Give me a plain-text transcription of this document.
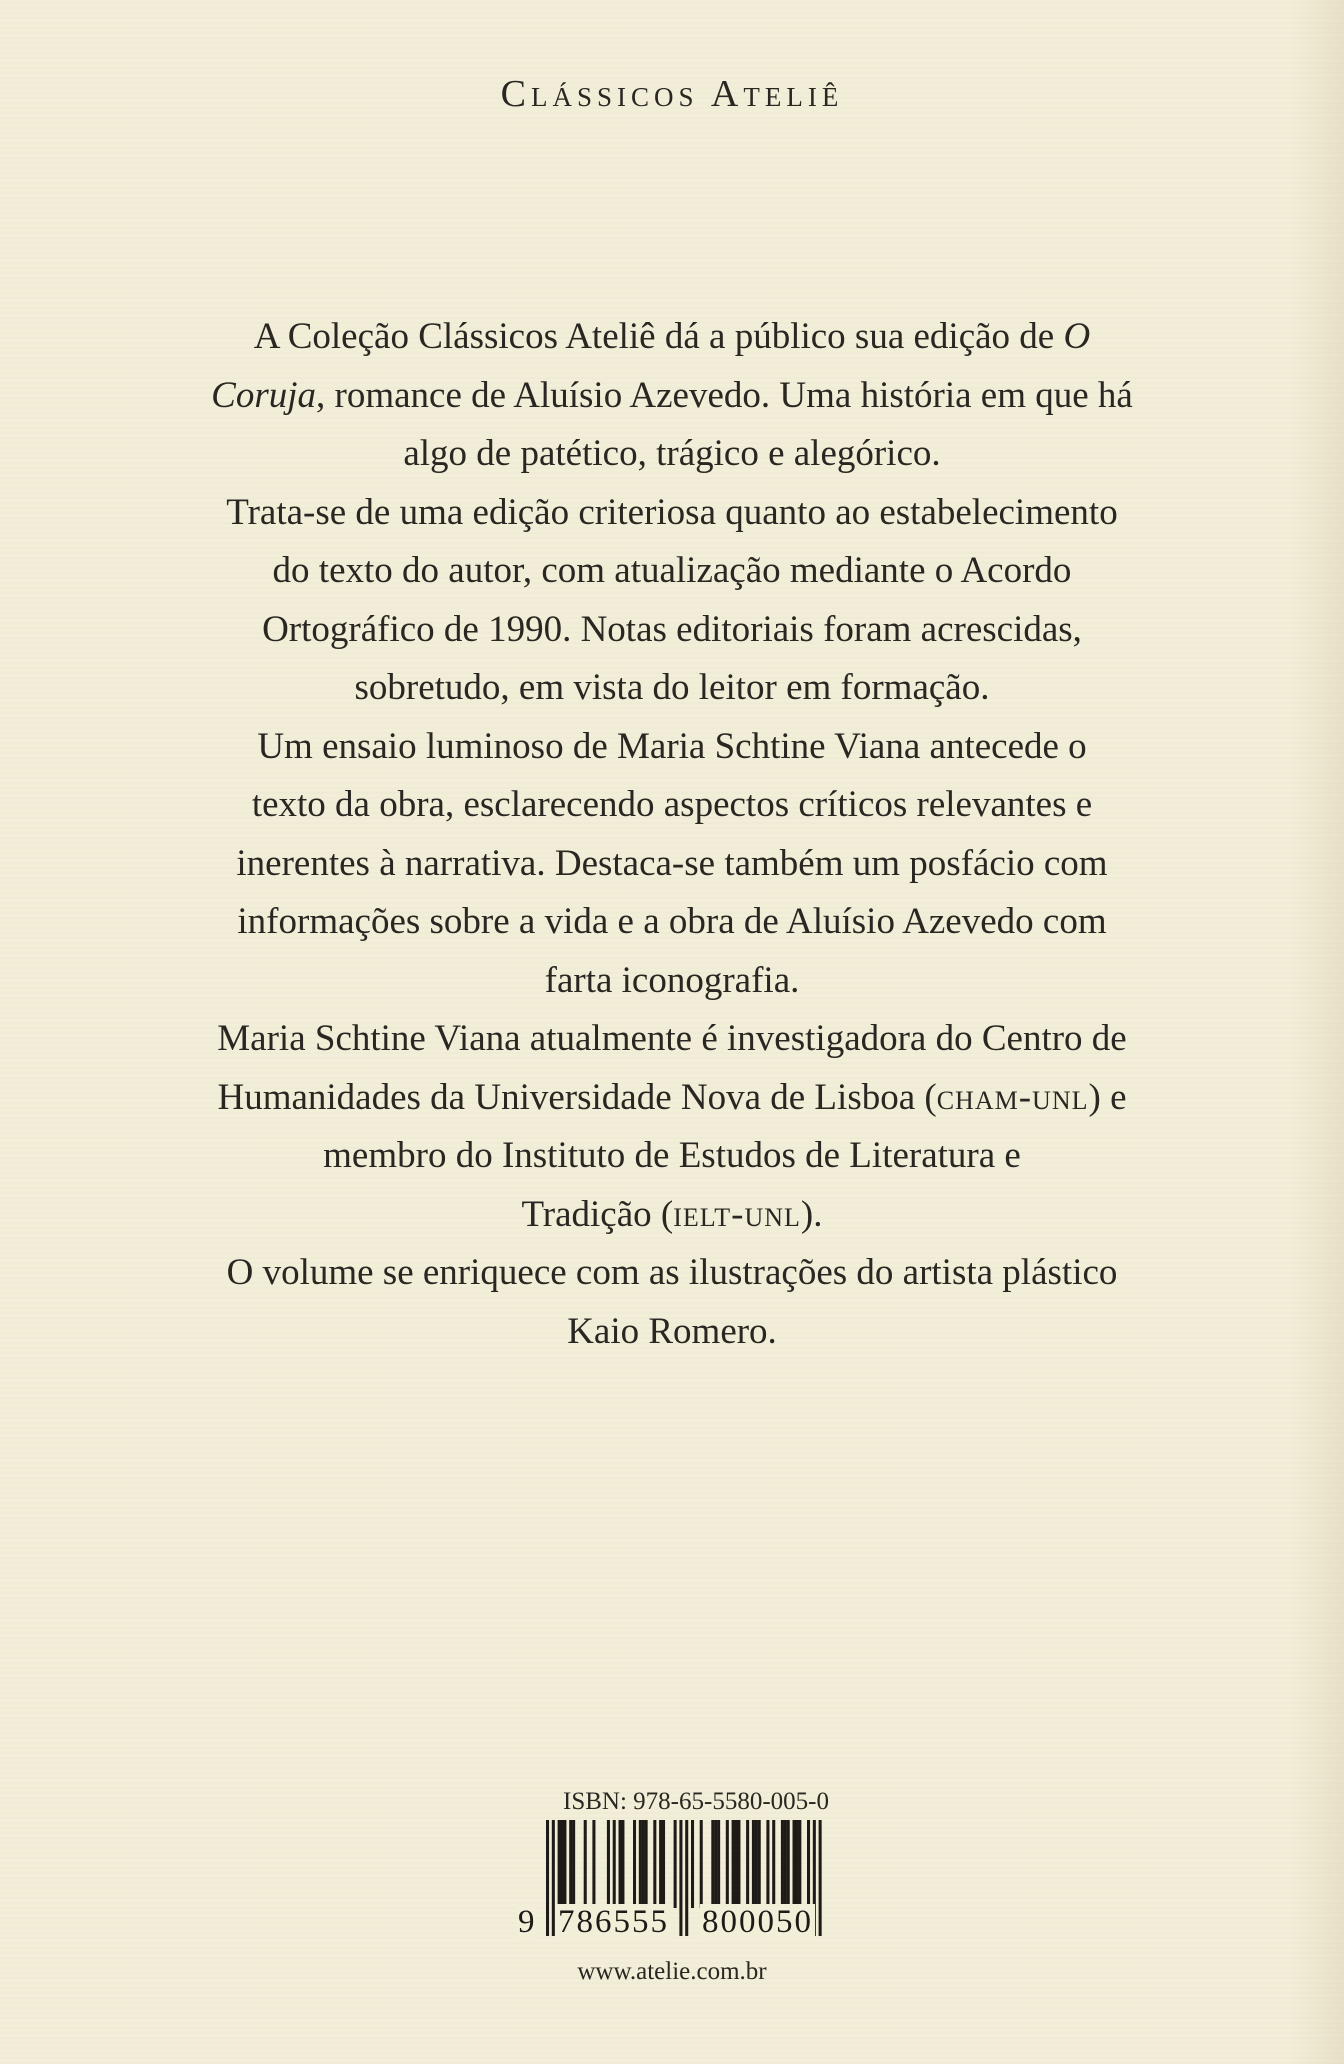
Clássicos Ateliê

A Coleção Clássicos Ateliê dá a público sua edição de O
Coruja, romance de Aluísio Azevedo. Uma história em que há
algo de patético, trágico e alegórico.

Trata-se de uma edição criteriosa quanto ao estabelecimento
do texto do autor, com atualização mediante o Acordo
Ortográfico de 1990. Notas editoriais foram acrescidas,
sobretudo, em vista do leitor em formação.

Um ensaio luminoso de Maria Schtine Viana antecede o
texto da obra, esclarecendo aspectos críticos relevantes e
inerentes à narrativa. Destaca-se também um posfácio com
informações sobre a vida e a obra de Aluísio Azevedo com
farta iconografia.

Maria Schtine Viana atualmente é investigadora do Centro de
Humanidades da Universidade Nova de Lisboa (cham-unl) e
membro do Instituto de Estudos de Literatura e
Tradição (ielt-unl).

O volume se enriquece com as ilustrações do artista plástico
Kaio Romero.

ISBN: 978-65-5580-005-0
9 786555 800050
www.atelie.com.br
